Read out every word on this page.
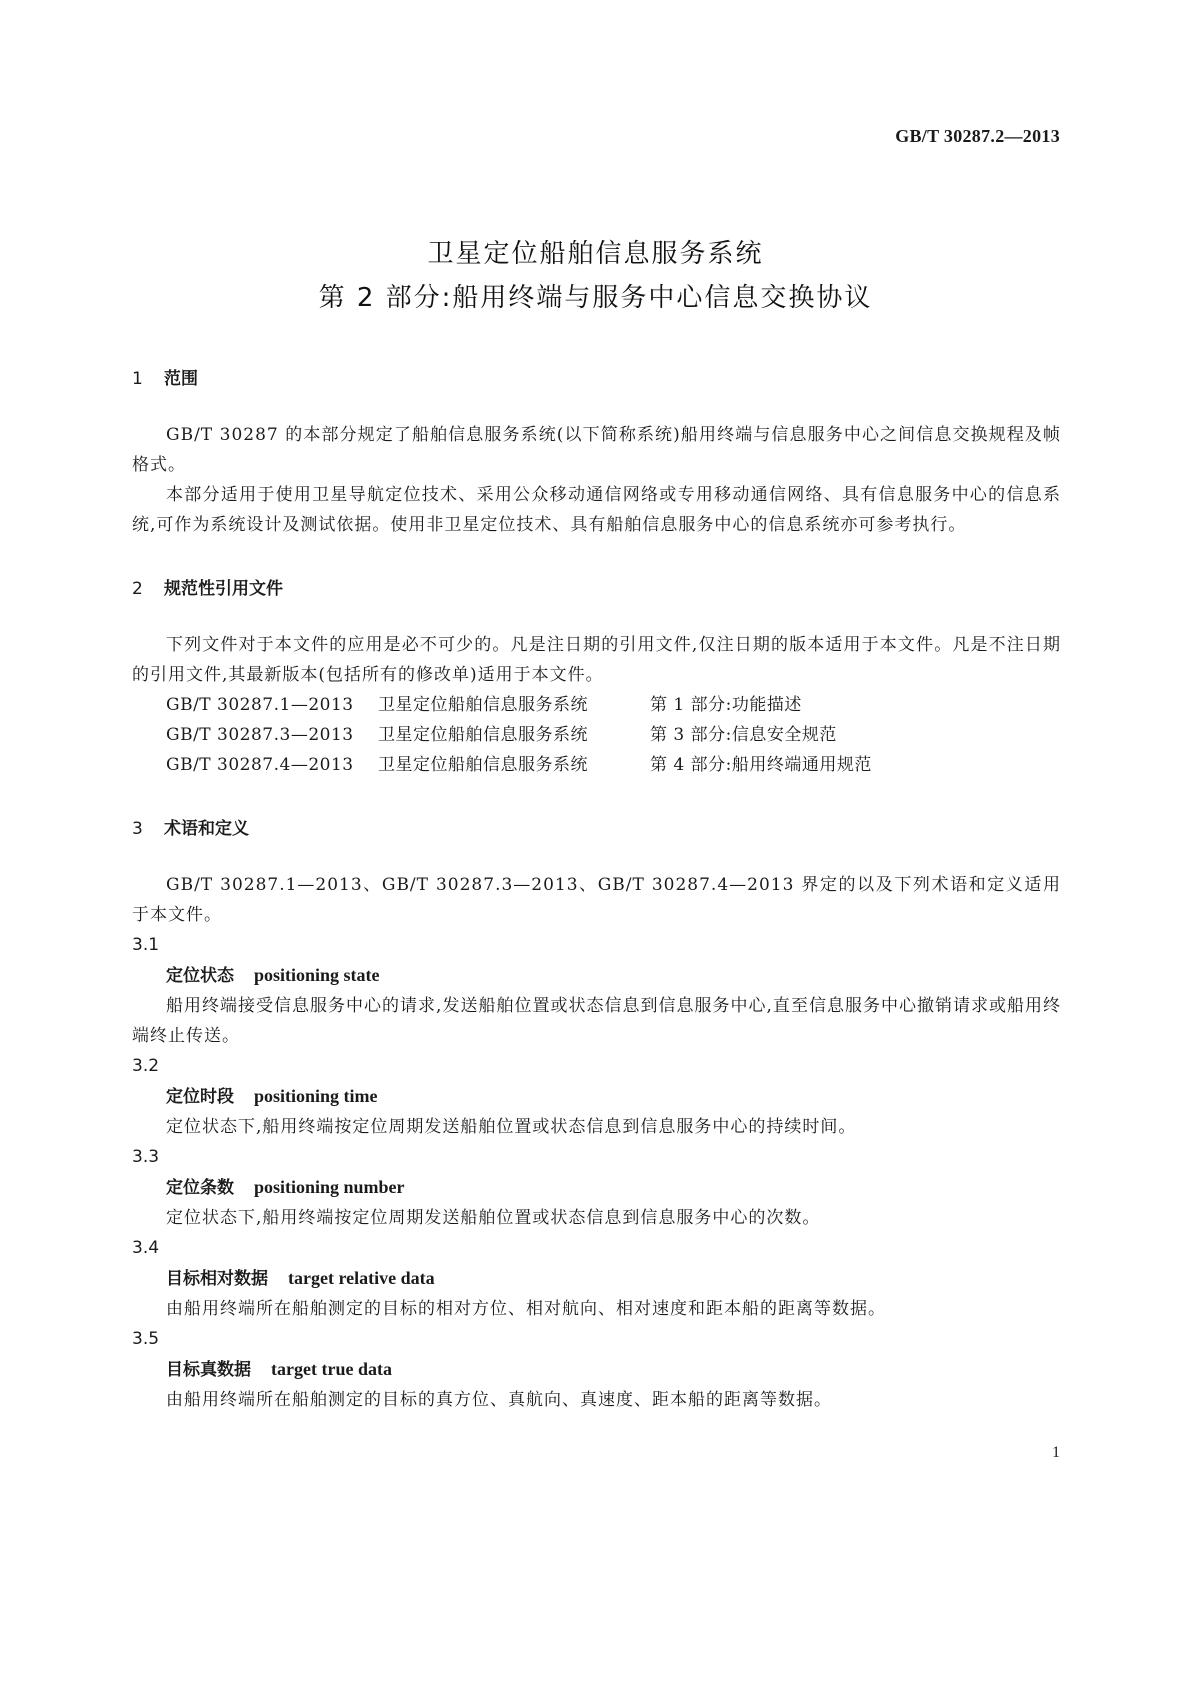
GB/T 30287.2—2013
卫星定位船舶信息服务系统
第 2 部分:船用终端与服务中心信息交换协议
1 范围
GB/T 30287 的本部分规定了船舶信息服务系统(以下简称系统)船用终端与信息服务中心之间信息交换规程及帧格式。
本部分适用于使用卫星导航定位技术、采用公众移动通信网络或专用移动通信网络、具有信息服务中心的信息系统,可作为系统设计及测试依据。使用非卫星定位技术、具有船舶信息服务中心的信息系统亦可参考执行。
2 规范性引用文件
下列文件对于本文件的应用是必不可少的。凡是注日期的引用文件,仅注日期的版本适用于本文件。凡是不注日期的引用文件,其最新版本(包括所有的修改单)适用于本文件。
GB/T 30287.1—2013 卫星定位船舶信息服务系统	第 1 部分:功能描述
GB/T 30287.3—2013 卫星定位船舶信息服务系统	第 3 部分:信息安全规范
GB/T 30287.4—2013 卫星定位船舶信息服务系统	第 4 部分:船用终端通用规范
3 术语和定义
GB/T 30287.1—2013、GB/T 30287.3—2013、GB/T 30287.4—2013 界定的以及下列术语和定义适用于本文件。
3.1
定位状态 positioning state
船用终端接受信息服务中心的请求,发送船舶位置或状态信息到信息服务中心,直至信息服务中心撤销请求或船用终端终止传送。
3.2
定位时段 positioning time
定位状态下,船用终端按定位周期发送船舶位置或状态信息到信息服务中心的持续时间。
3.3
定位条数 positioning number
定位状态下,船用终端按定位周期发送船舶位置或状态信息到信息服务中心的次数。
3.4
目标相对数据 target relative data
由船用终端所在船舶测定的目标的相对方位、相对航向、相对速度和距本船的距离等数据。
3.5
目标真数据 target true data
由船用终端所在船舶测定的目标的真方位、真航向、真速度、距本船的距离等数据。
1
